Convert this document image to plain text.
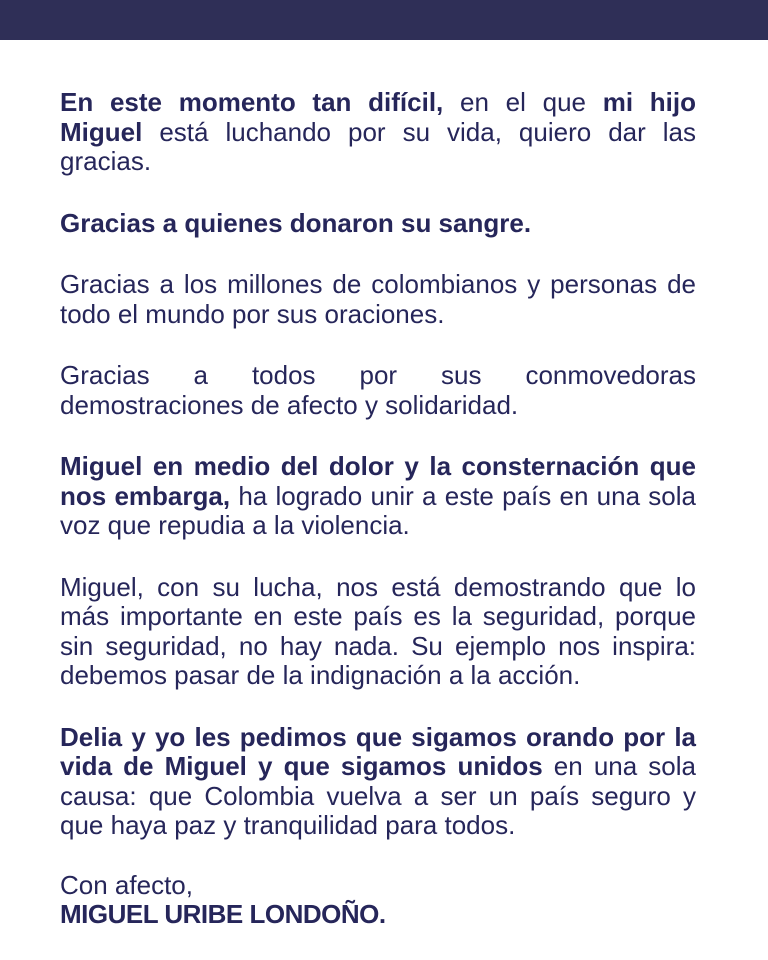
En este momento tan difícil, en el que mi hijo Miguel está luchando por su vida, quiero dar las gracias.

Gracias a quienes donaron su sangre.

Gracias a los millones de colombianos y personas de todo el mundo por sus oraciones.

Gracias a todos por sus conmovedoras demostraciones de afecto y solidaridad.

Miguel en medio del dolor y la consternación que nos embarga, ha logrado unir a este país en una sola voz que repudia a la violencia.

Miguel, con su lucha, nos está demostrando que lo más importante en este país es la seguridad, porque sin seguridad, no hay nada. Su ejemplo nos inspira: debemos pasar de la indignación a la acción.

Delia y yo les pedimos que sigamos orando por la vida de Miguel y que sigamos unidos en una sola causa: que Colombia vuelva a ser un país seguro y que haya paz y tranquilidad para todos.

Con afecto,
MIGUEL URIBE LONDOÑO.
